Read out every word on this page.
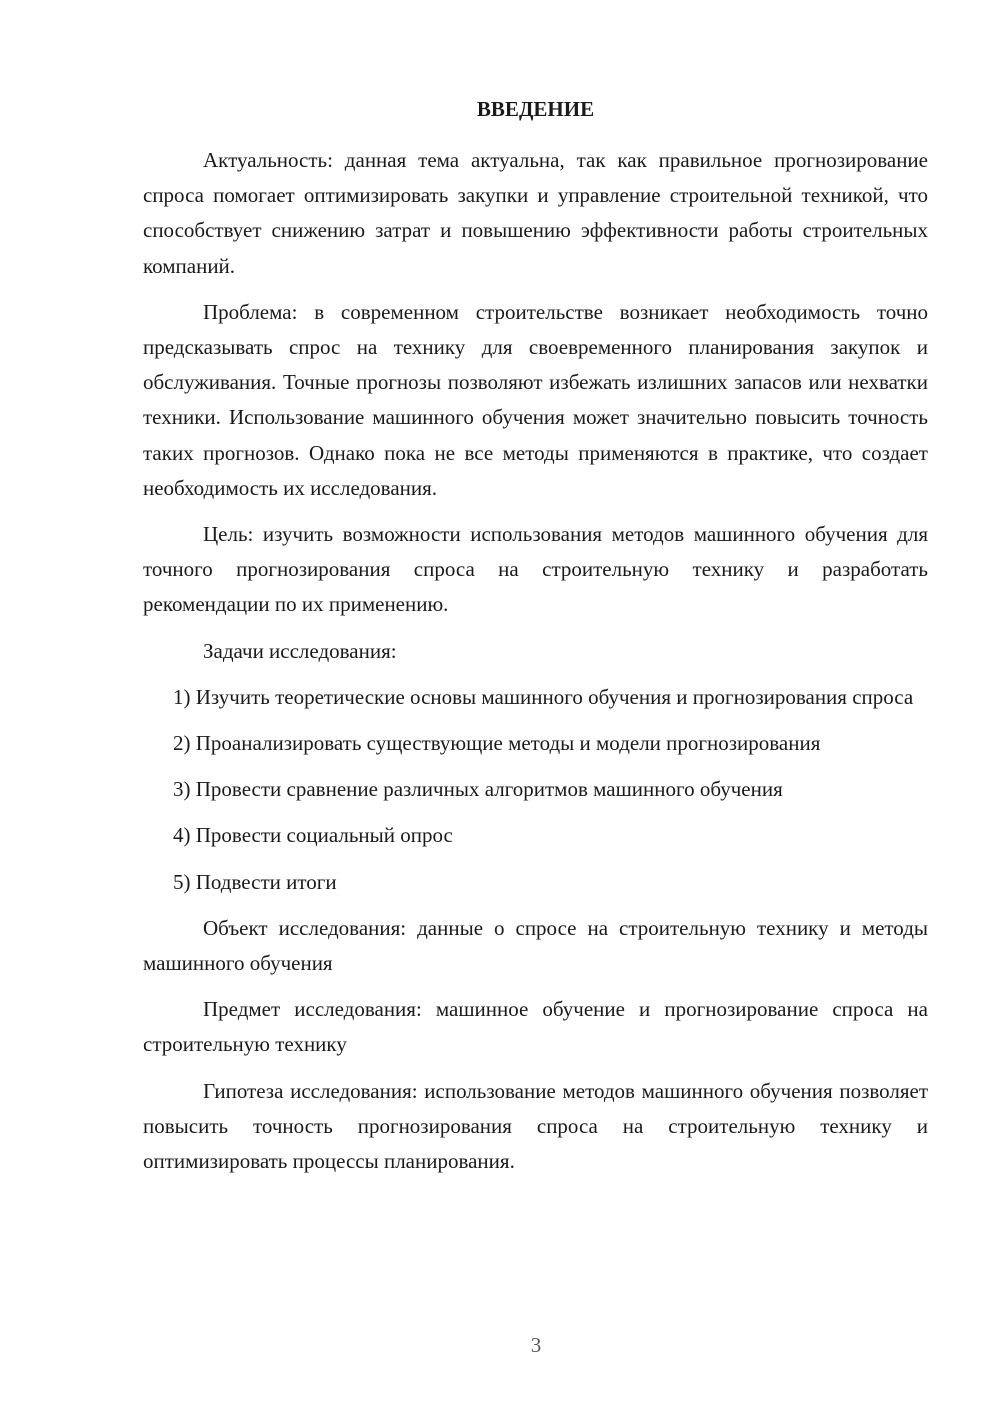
ВВЕДЕНИЕ

Актуальность: данная тема актуальна, так как правильное прогнозирование спроса помогает оптимизировать закупки и управление строительной техникой, что способствует снижению затрат и повышению эффективности работы строительных компаний.

Проблема: в современном строительстве возникает необходимость точно предсказывать спрос на технику для своевременного планирования закупок и обслуживания. Точные прогнозы позволяют избежать излишних запасов или нехватки техники. Использование машинного обучения может значительно повысить точность таких прогнозов. Однако пока не все методы применяются в практике, что создает необходимость их исследования.

Цель: изучить возможности использования методов машинного обучения для точного прогнозирования спроса на строительную технику и разработать рекомендации по их применению.

Задачи исследования:

1) Изучить теоретические основы машинного обучения и прогнозирования спроса

2) Проанализировать существующие методы и модели прогнозирования

3) Провести сравнение различных алгоритмов машинного обучения

4) Провести социальный опрос

5) Подвести итоги

Объект исследования: данные о спросе на строительную технику и методы машинного обучения

Предмет исследования: машинное обучение и прогнозирование спроса на строительную технику

Гипотеза исследования: использование методов машинного обучения позволяет повысить точность прогнозирования спроса на строительную технику и оптимизировать процессы планирования.

3
